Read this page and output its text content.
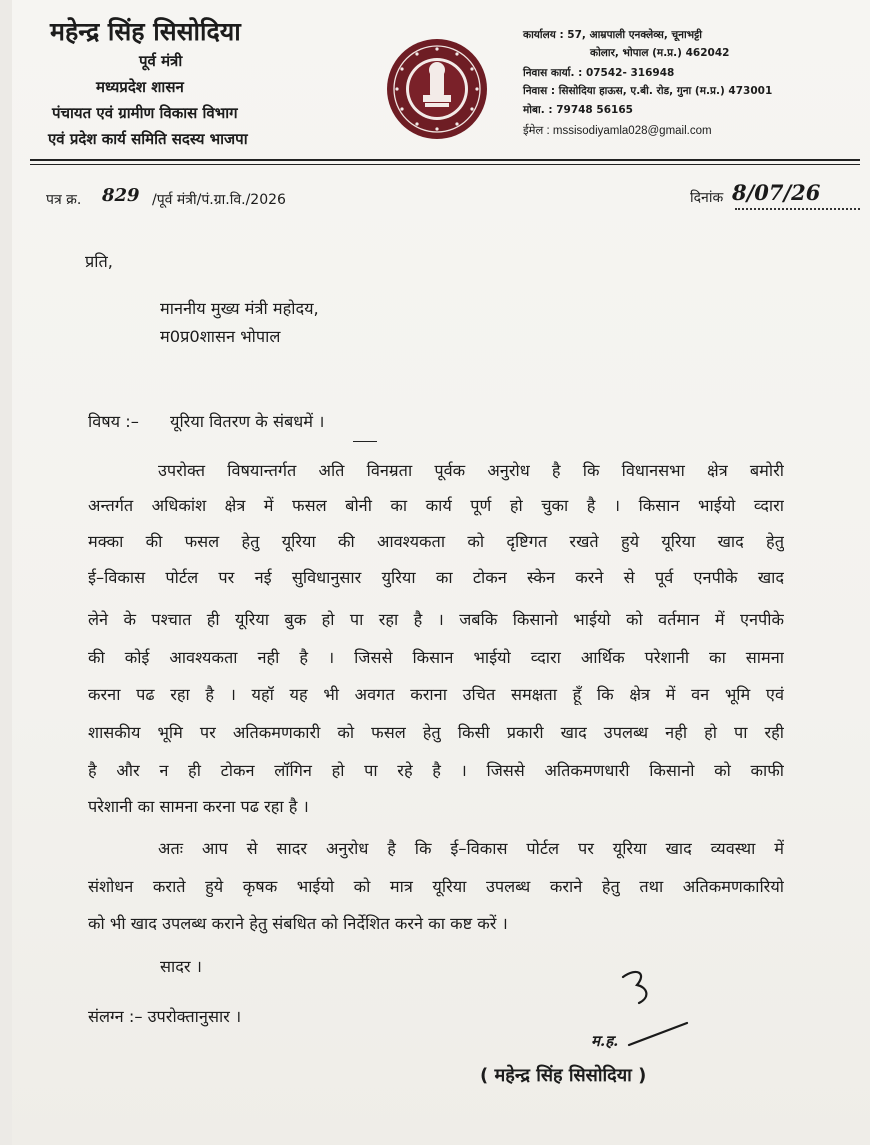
महेन्द्र सिंह सिसोदिया
पूर्व मंत्री
मध्यप्रदेश शासन
पंचायत एवं ग्रामीण विकास विभाग
एवं प्रदेश कार्य समिति सदस्य भाजपा
कार्यालय : 57, आम्रपाली एनक्लेव्स, चूनाभट्टी
कोलार, भोपाल (म.प्र.) 462042
निवास कार्या. : 07542- 316948
निवास : सिसोदिया हाऊस, ए.बी. रोड, गुना (म.प्र.) 473001
मोबा. : 79748 56165
ईमेल : mssisodiyamla028@gmail.com
पत्र क्र. 829 /पूर्व मंत्री/पं.ग्रा.वि./2026	दिनांक 8/07/26
प्रति,
माननीय मुख्य मंत्री महोदय,
म0प्र0शासन भोपाल
विषय :– यूरिया वितरण के संबधमें ।
उपरोक्त विषयान्तर्गत अति विनम्रता पूर्वक अनुरोध है कि विधानसभा क्षेत्र बमोरी
अन्तर्गत अधिकांश क्षेत्र में फसल बोनी का कार्य पूर्ण हो चुका है । किसान भाईयो व्दारा
मक्का की फसल हेतु यूरिया की आवश्यकता को दृष्टिगत रखते हुये यूरिया खाद हेतु
ई–विकास पोर्टल पर नई सुविधानुसार युरिया का टोकन स्केन करने से पूर्व एनपीके खाद
लेने के पश्चात ही यूरिया बुक हो पा रहा है । जबकि किसानो भाईयो को वर्तमान में एनपीके
की कोई आवश्यकता नही है । जिससे किसान भाईयो व्दारा आर्थिक परेशानी का सामना
करना पढ रहा है । यहॉ यह भी अवगत कराना उचित समक्षता हूँ कि क्षेत्र में वन भूमि एवं
शासकीय भूमि पर अतिकमणकारी को फसल हेतु किसी प्रकारी खाद उपलब्ध नही हो पा रही
है और न ही टोकन लॉगिन हो पा रहे है । जिससे अतिकमणधारी किसानो को काफी
परेशानी का सामना करना पढ रहा है ।
अतः आप से सादर अनुरोध है कि ई–विकास पोर्टल पर यूरिया खाद व्यवस्था में
संशोधन कराते हुये कृषक भाईयो को मात्र यूरिया उपलब्ध कराने हेतु तथा अतिकमणकारियो
को भी खाद उपलब्ध कराने हेतु संबधित को निर्देशित करने का कष्ट करें ।
सादर ।
संलग्न :– उपरोक्तानुसार ।
म.ह.
( महेन्द्र सिंह सिसोदिया )
